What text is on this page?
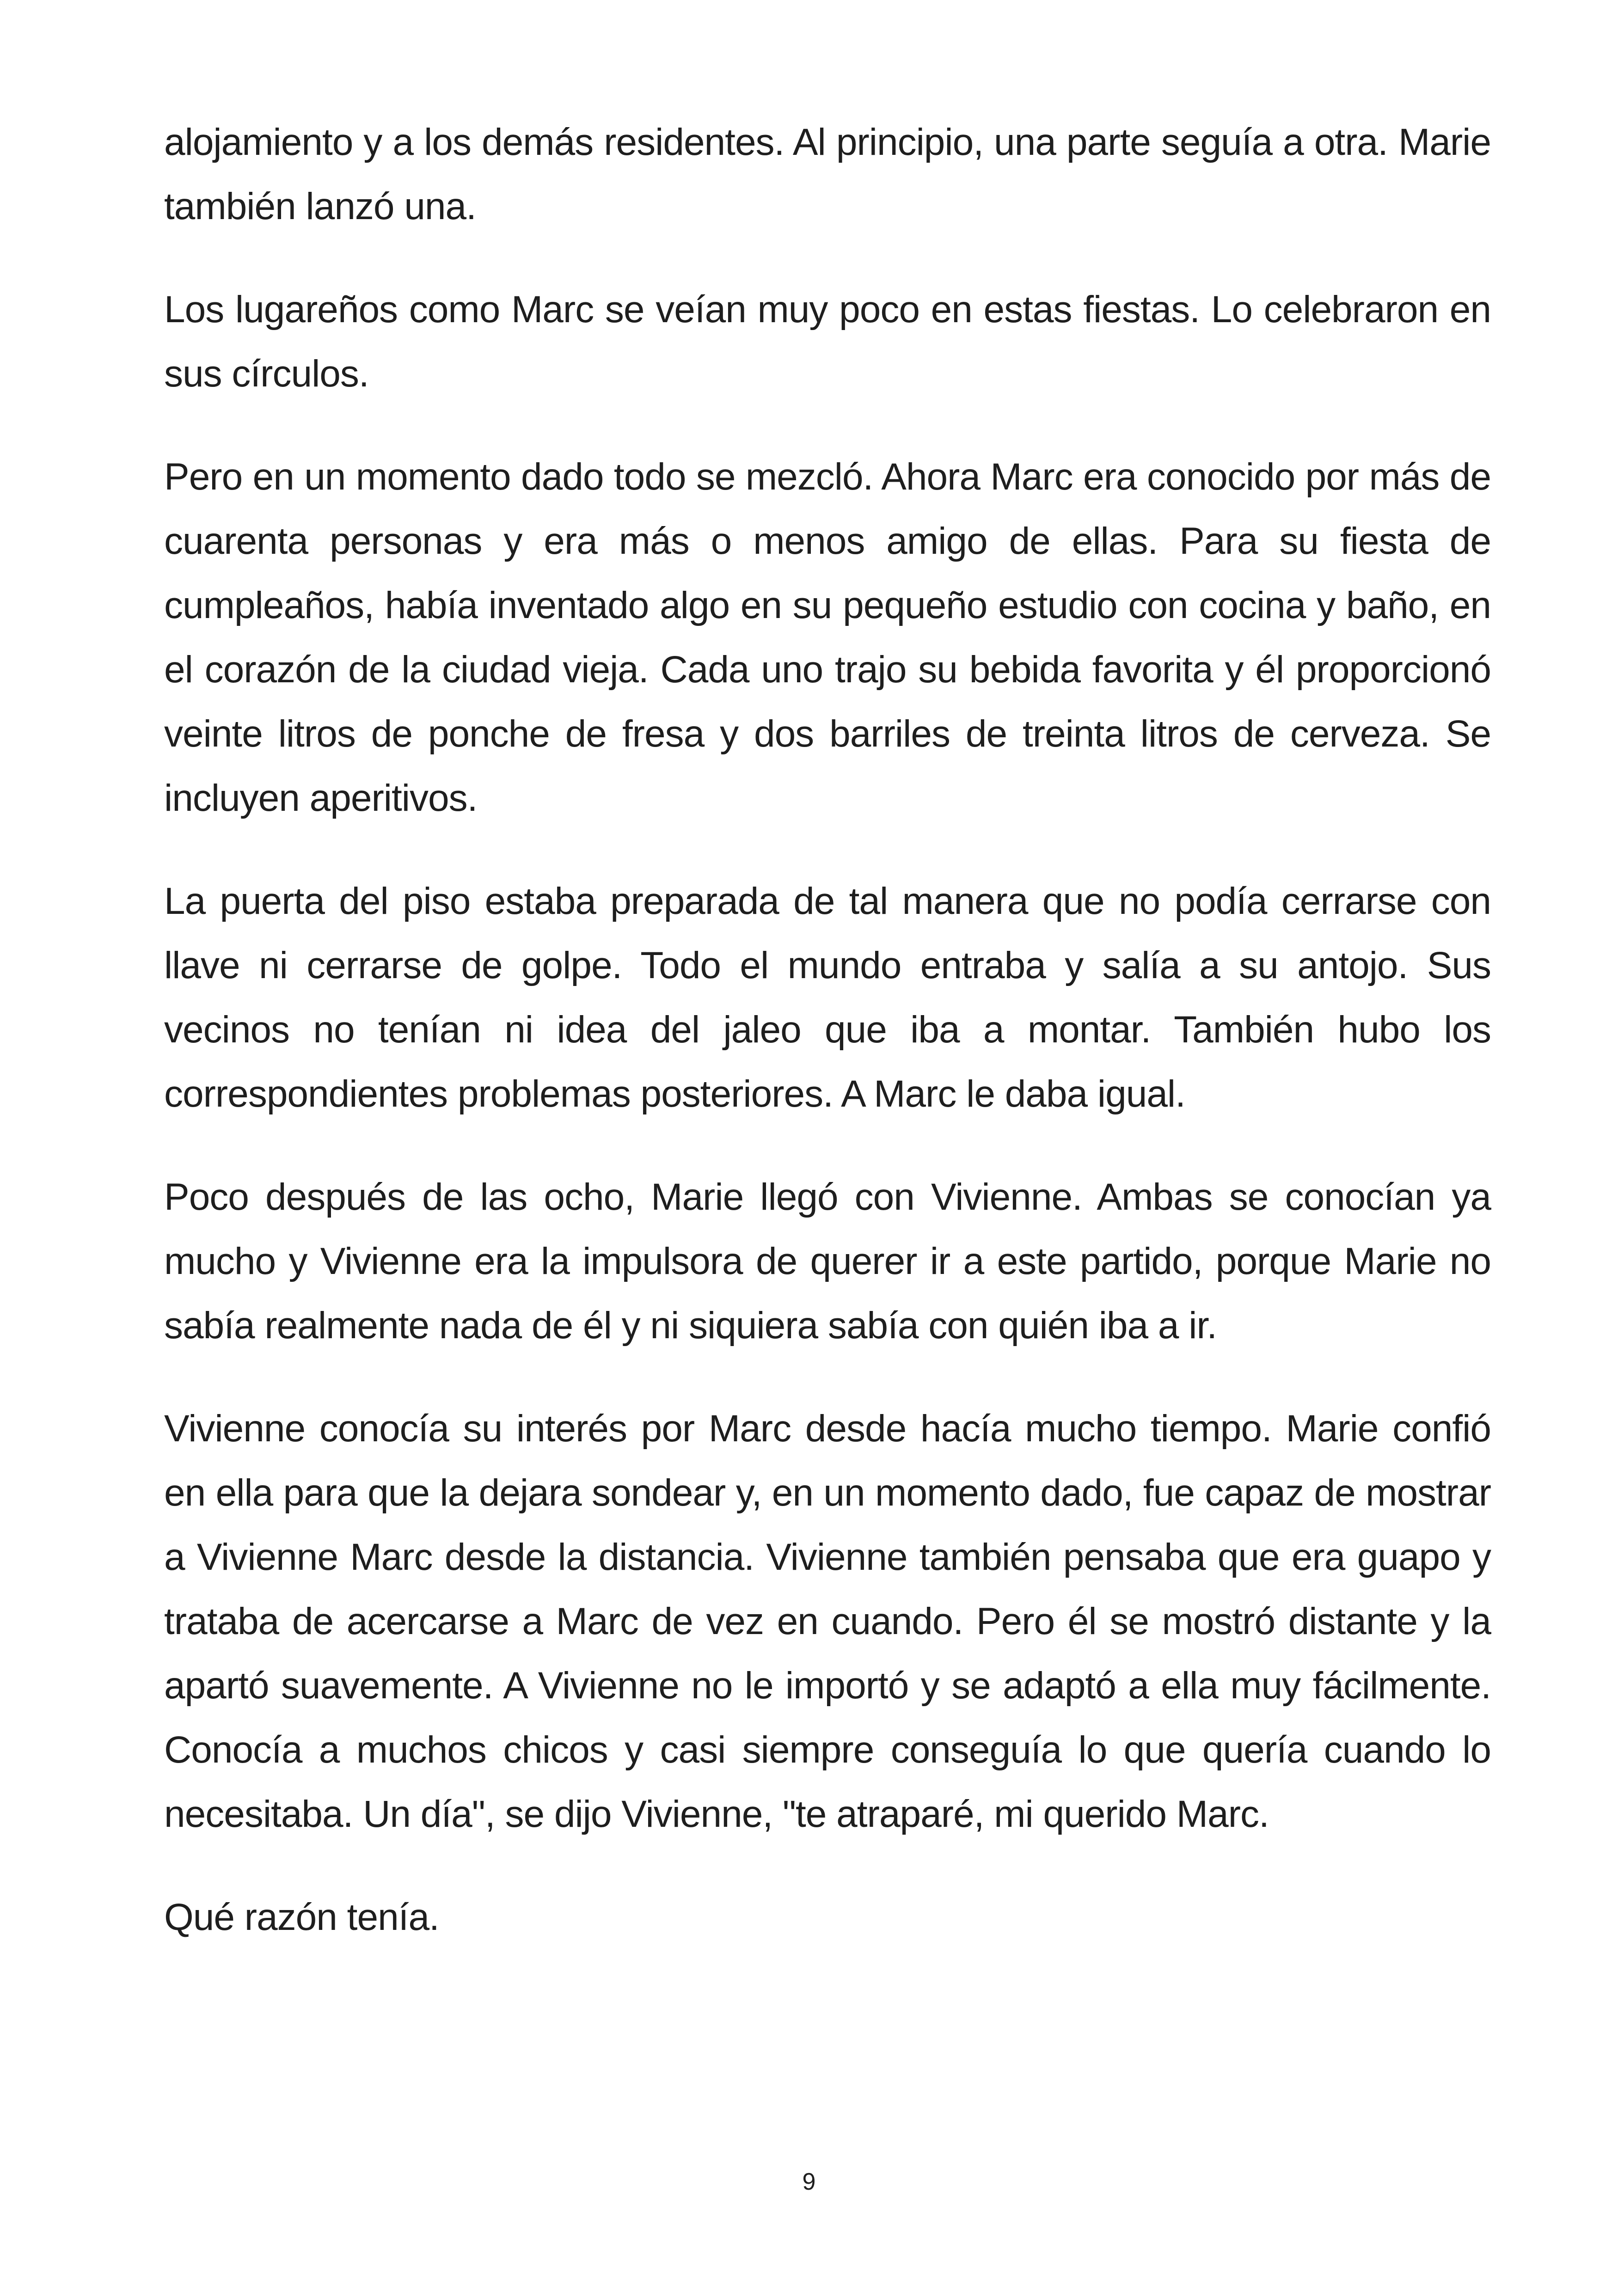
alojamiento y a los demás residentes. Al principio, una parte seguía a otra. Marie también lanzó una.

Los lugareños como Marc se veían muy poco en estas fiestas. Lo celebraron en sus círculos.

Pero en un momento dado todo se mezcló. Ahora Marc era conocido por más de cuarenta personas y era más o menos amigo de ellas. Para su fiesta de cumpleaños, había inventado algo en su pequeño estudio con cocina y baño, en el corazón de la ciudad vieja. Cada uno trajo su bebida favorita y él proporcionó veinte litros de ponche de fresa y dos barriles de treinta litros de cerveza. Se incluyen aperitivos.

La puerta del piso estaba preparada de tal manera que no podía cerrarse con llave ni cerrarse de golpe. Todo el mundo entraba y salía a su antojo. Sus vecinos no tenían ni idea del jaleo que iba a montar. También hubo los correspondientes problemas posteriores. A Marc le daba igual.

Poco después de las ocho, Marie llegó con Vivienne. Ambas se conocían ya mucho y Vivienne era la impulsora de querer ir a este partido, porque Marie no sabía realmente nada de él y ni siquiera sabía con quién iba a ir.

Vivienne conocía su interés por Marc desde hacía mucho tiempo. Marie confió en ella para que la dejara sondear y, en un momento dado, fue capaz de mostrar a Vivienne Marc desde la distancia. Vivienne también pensaba que era guapo y trataba de acercarse a Marc de vez en cuando. Pero él se mostró distante y la apartó suavemente. A Vivienne no le importó y se adaptó a ella muy fácilmente. Conocía a muchos chicos y casi siempre conseguía lo que quería cuando lo necesitaba. Un día", se dijo Vivienne, "te atraparé, mi querido Marc.

Qué razón tenía.

9
